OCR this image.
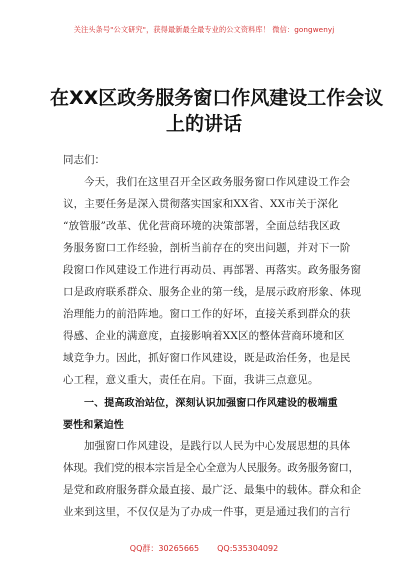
关注头条号"公文研究"，获得最新最全最专业的公文资料库！ 微信：gongwenyj
在XX区政务服务窗口作风建设工作会议
上的讲话
同志们：
今天，我们在这里召开全区政务服务窗口作风建设工作会
议，主要任务是深入贯彻落实国家和XX省、XX市关于深化
“放管服”改革、优化营商环境的决策部署，全面总结我区政
务服务窗口工作经验，剖析当前存在的突出问题，并对下一阶
段窗口作风建设工作进行再动员、再部署、再落实。政务服务窗
口是政府联系群众、服务企业的第一线，是展示政府形象、体现
治理能力的前沿阵地。窗口工作的好坏，直接关系到群众的获
得感、企业的满意度，直接影响着XX区的整体营商环境和区
域竞争力。因此，抓好窗口作风建设，既是政治任务，也是民
心工程，意义重大，责任在肩。下面，我讲三点意见。
一、提高政治站位，深刻认识加强窗口作风建设的极端重
要性和紧迫性
加强窗口作风建设，是践行以人民为中心发展思想的具体
体现。我们党的根本宗旨是全心全意为人民服务。政务服务窗口，
是党和政府服务群众最直接、最广泛、最集中的载体。群众和企
业来到这里，不仅仅是为了办成一件事，更是通过我们的言行
QQ群：30265665 QQ:535304092
